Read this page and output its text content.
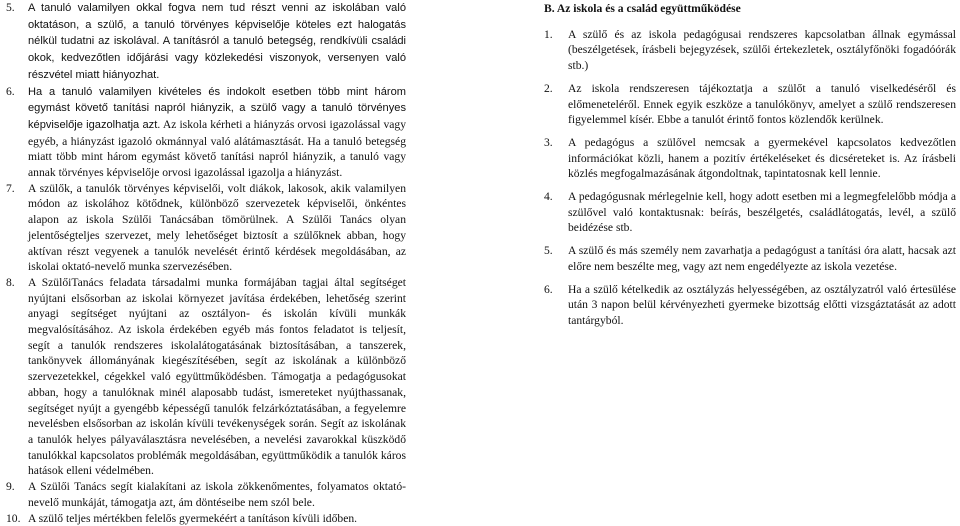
5.	A tanuló valamilyen okkal fogva nem tud részt venni az iskolában való oktatáson, a szülő, a tanuló törvényes képviselője köteles ezt halogatás nélkül tudatni az iskolával. A tanításról a tanuló betegség, rendkívüli családi okok, kedvezőtlen időjárási vagy közlekedési viszonyok, versenyen való részvétel miatt hiányozhat.
6.	Ha a tanuló valamilyen kivételes és indokolt esetben több mint három egymást követő tanítási napról hiányzik, a szülő vagy a tanuló törvényes képviselője igazolhatja azt. Az iskola kérheti a hiányzás orvosi igazolással vagy egyéb, a hiányzást igazoló okmánnyal való alátámasztását. Ha a tanuló betegség miatt több mint három egymást követő tanítási napról hiányzik, a tanuló vagy annak törvényes képviselője orvosi igazolással igazolja a hiányzást.
7.	A szülők, a tanulók törvényes képviselői, volt diákok, lakosok, akik valamilyen módon az iskolához kötődnek, különböző szervezetek képviselői, önkéntes alapon az iskola Szülői Tanácsában tömörülnek. A Szülői Tanács olyan jelentőségteljes szervezet, mely lehetőséget biztosít a szülőknek abban, hogy aktívan részt vegyenek a tanulók nevelését érintő kérdések megoldásában, az iskolai oktató-nevelő munka szervezésében.
8.	A SzülőiTanács feladata társadalmi munka formájában tagjai által segítséget nyújtani elsősorban az iskolai környezet javítása érdekében, lehetőség szerint anyagi segítséget nyújtani az osztályon- és iskolán kívüli munkák megvalósításához. Az iskola érdekében egyéb más fontos feladatot is teljesít, segít a tanulók rendszeres iskolalátogatásának biztosításában, a tanszerek, tankönyvek állományának kiegészítésében, segít az iskolának a különböző szervezetekkel, cégekkel való együttműködésben. Támogatja a pedagógusokat abban, hogy a tanulóknak minél alaposabb tudást, ismereteket nyújthassanak, segítséget nyújt a gyengébb képességű tanulók felzárkóztatásában, a fegyelemre nevelésben elsősorban az iskolán kívüli tevékenységek során. Segít az iskolának a tanulók helyes pályaválasztásra nevelésében, a nevelési zavarokkal küszködő tanulókkal kapcsolatos problémák megoldásában, együttműködik a tanulók káros hatások elleni védelmében.
9.	A Szülői Tanács segít kialakítani az iskola zökkenőmentes, folyamatos oktató- nevelő munkáját, támogatja azt, ám döntéseibe nem szól bele.
10. A szülő teljes mértékben felelős gyermekéért a tanításon kívüli időben.
B. Az iskola és a család együttműködése
1.	A szülő és az iskola pedagógusai rendszeres kapcsolatban állnak egymással (beszélgetések, írásbeli bejegyzések, szülői értekezletek, osztályfőnöki fogadóórák stb.)
2.	Az iskola rendszeresen tájékoztatja a szülőt a tanuló viselkedéséről és előmeneteléről. Ennek egyik eszköze a tanulókönyv, amelyet a szülő rendszeresen figyelemmel kísér. Ebbe a tanulót érintő fontos közlendők kerülnek.
3.	A pedagógus a szülővel nemcsak a gyermekével kapcsolatos kedvezőtlen információkat közli, hanem a pozitív értékeléseket és dicséreteket is. Az írásbeli közlés megfogalmazásának átgondoltnak, tapintatosnak kell lennie.
4.	A pedagógusnak mérlegelnie kell, hogy adott esetben mi a legmegfelelőbb módja a szülővel való kontaktusnak: beírás, beszélgetés, családlátogatás, levél, a szülő beidézése stb.
5.	A szülő és más személy nem zavarhatja a pedagógust a tanítási óra alatt, hacsak azt előre nem beszélte meg, vagy azt nem engedélyezte az iskola vezetése.
6.	Ha a szülő kételkedik az osztályzás helyességében, az osztályzatról való értesülése után 3 napon belül kérvényezheti gyermeke bizottság előtti vizsgáztatását az adott tantárgyból.
